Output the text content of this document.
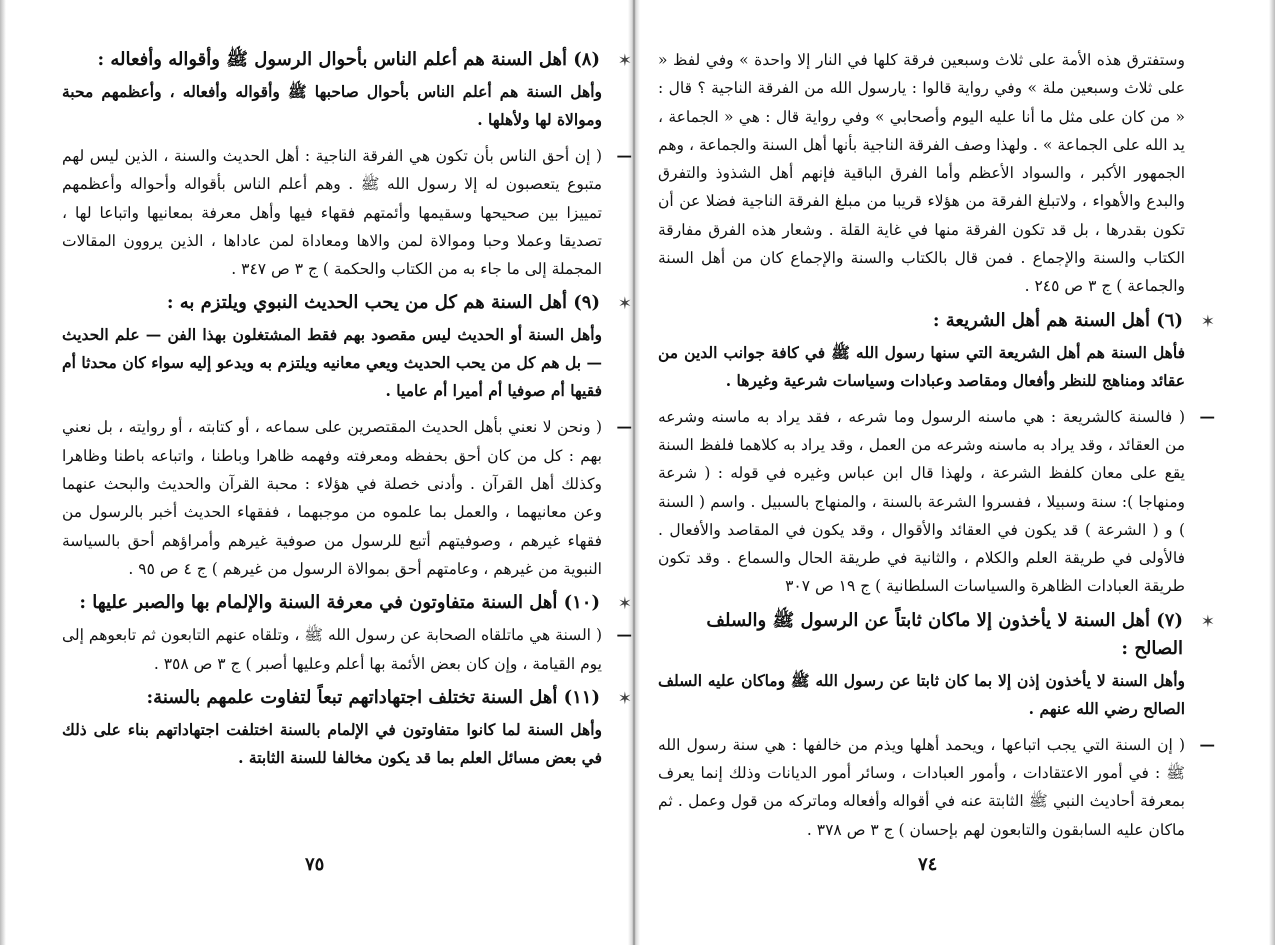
✶
(٨) أهل السنة هم أعلم الناس بأحوال الرسول ﷺ وأقواله وأفعاله :

وأهل السنة هم أعلم الناس بأحوال صاحبها ﷺ وأقواله وأفعاله ، وأعظمهم محبة وموالاة لها ولأهلها .

—
( إن أحق الناس بأن تكون هي الفرقة الناجية : أهل الحديث والسنة ، الذين ليس لهم متبوع يتعصبون له إلا رسول الله ﷺ . وهم أعلم الناس بأقواله وأحواله وأعظمهم تمييزا بين صحيحها وسقيمها وأئمتهم فقهاء فيها وأهل معرفة بمعانيها واتباعا لها ، تصديقا وعملا وحبا وموالاة لمن والاها ومعاداة لمن عاداها ، الذين يروون المقالات المجملة إلى ما جاء به من الكتاب والحكمة ) ج ٣ ص ٣٤٧ .

✶
(٩) أهل السنة هم كل من يحب الحديث النبوي ويلتزم به :

وأهل السنة أو الحديث ليس مقصود بهم فقط المشتغلون بهذا الفن — علم الحديث — بل هم كل من يحب الحديث ويعي معانيه ويلتزم به ويدعو إليه سواء كان محدثا أم فقيها أم صوفيا أم أميرا أم عاميا .

—
( ونحن لا نعني بأهل الحديث المقتصرين على سماعه ، أو كتابته ، أو روايته ، بل نعني بهم : كل من كان أحق بحفظه ومعرفته وفهمه ظاهرا وباطنا ، واتباعه باطنا وظاهرا وكذلك أهل القرآن . وأدنى خصلة في هؤلاء : محبة القرآن والحديث والبحث عنهما وعن معانيهما ، والعمل بما علموه من موجبهما ، ففقهاء الحديث أخبر بالرسول من فقهاء غيرهم ، وصوفيتهم أتبع للرسول من صوفية غيرهم وأمراؤهم أحق بالسياسة النبوية من غيرهم ، وعامتهم أحق بموالاة الرسول من غيرهم ) ج ٤ ص ٩٥ .

✶
(١٠) أهل السنة متفاوتون في معرفة السنة والإلمام بها والصبر عليها :

—
( السنة هي ماتلقاه الصحابة عن رسول الله ﷺ ، وتلقاه عنهم التابعون ثم تابعوهم إلى يوم القيامة ، وإن كان بعض الأئمة بها أعلم وعليها أصبر ) ج ٣ ص ٣٥٨ .

✶
(١١) أهل السنة تختلف اجتهاداتهم تبعاً لتفاوت علمهم بالسنة:

وأهل السنة لما كانوا متفاوتون في الإلمام بالسنة اختلفت اجتهاداتهم بناء على ذلك في بعض مسائل العلم بما قد يكون مخالفا للسنة الثابتة .

٧٥

وستفترق هذه الأمة على ثلاث وسبعين فرقة كلها في النار إلا واحدة » وفي لفظ « على ثلاث وسبعين ملة » وفي رواية قالوا : يارسول الله من الفرقة الناجية ؟ قال : « من كان على مثل ما أنا عليه اليوم وأصحابي » وفي رواية قال : هي « الجماعة ، يد الله على الجماعة » . ولهذا وصف الفرقة الناجية بأنها أهل السنة والجماعة ، وهم الجمهور الأكبر ، والسواد الأعظم وأما الفرق الباقية فإنهم أهل الشذوذ والتفرق والبدع والأهواء ، ولاتبلغ الفرقة من هؤلاء قريبا من مبلغ الفرقة الناجية فضلا عن أن تكون بقدرها ، بل قد تكون الفرقة منها في غاية القلة . وشعار هذه الفرق مفارقة الكتاب والسنة والإجماع . فمن قال بالكتاب والسنة والإجماع كان من أهل السنة والجماعة ) ج ٣ ص ٢٤٥ .

✶
(٦) أهل السنة هم أهل الشريعة :

فأهل السنة هم أهل الشريعة التي سنها رسول الله ﷺ في كافة جوانب الدين من عقائد ومناهج للنظر وأفعال ومقاصد وعبادات وسياسات شرعية وغيرها .

—
( فالسنة كالشريعة : هي ماسنه الرسول وما شرعه ، فقد يراد به ماسنه وشرعه من العقائد ، وقد يراد به ماسنه وشرعه من العمل ، وقد يراد به كلاهما فلفظ السنة يقع على معان كلفظ الشرعة ، ولهذا قال ابن عباس وغيره في قوله : ( شرعة ومنهاجا ): سنة وسبيلا ، ففسروا الشرعة بالسنة ، والمنهاج بالسبيل . واسم ( السنة ) و ( الشرعة ) قد يكون في العقائد والأقوال ، وقد يكون في المقاصد والأفعال . فالأولى في طريقة العلم والكلام ، والثانية في طريقة الحال والسماع . وقد تكون طريقة العبادات الظاهرة والسياسات السلطانية ) ج ١٩ ص ٣٠٧

✶
(٧) أهل السنة لا يأخذون إلا ماكان ثابتاً عن الرسول ﷺ والسلف الصالح :

وأهل السنة لا يأخذون إذن إلا بما كان ثابتا عن رسول الله ﷺ وماكان عليه السلف الصالح رضي الله عنهم .

—
( إن السنة التي يجب اتباعها ، ويحمد أهلها ويذم من خالفها : هي سنة رسول الله ﷺ : في أمور الاعتقادات ، وأمور العبادات ، وسائر أمور الديانات وذلك إنما يعرف بمعرفة أحاديث النبي ﷺ الثابتة عنه في أقواله وأفعاله وماتركه من قول وعمل . ثم ماكان عليه السابقون والتابعون لهم بإحسان ) ج ٣ ص ٣٧٨ .

٧٤
